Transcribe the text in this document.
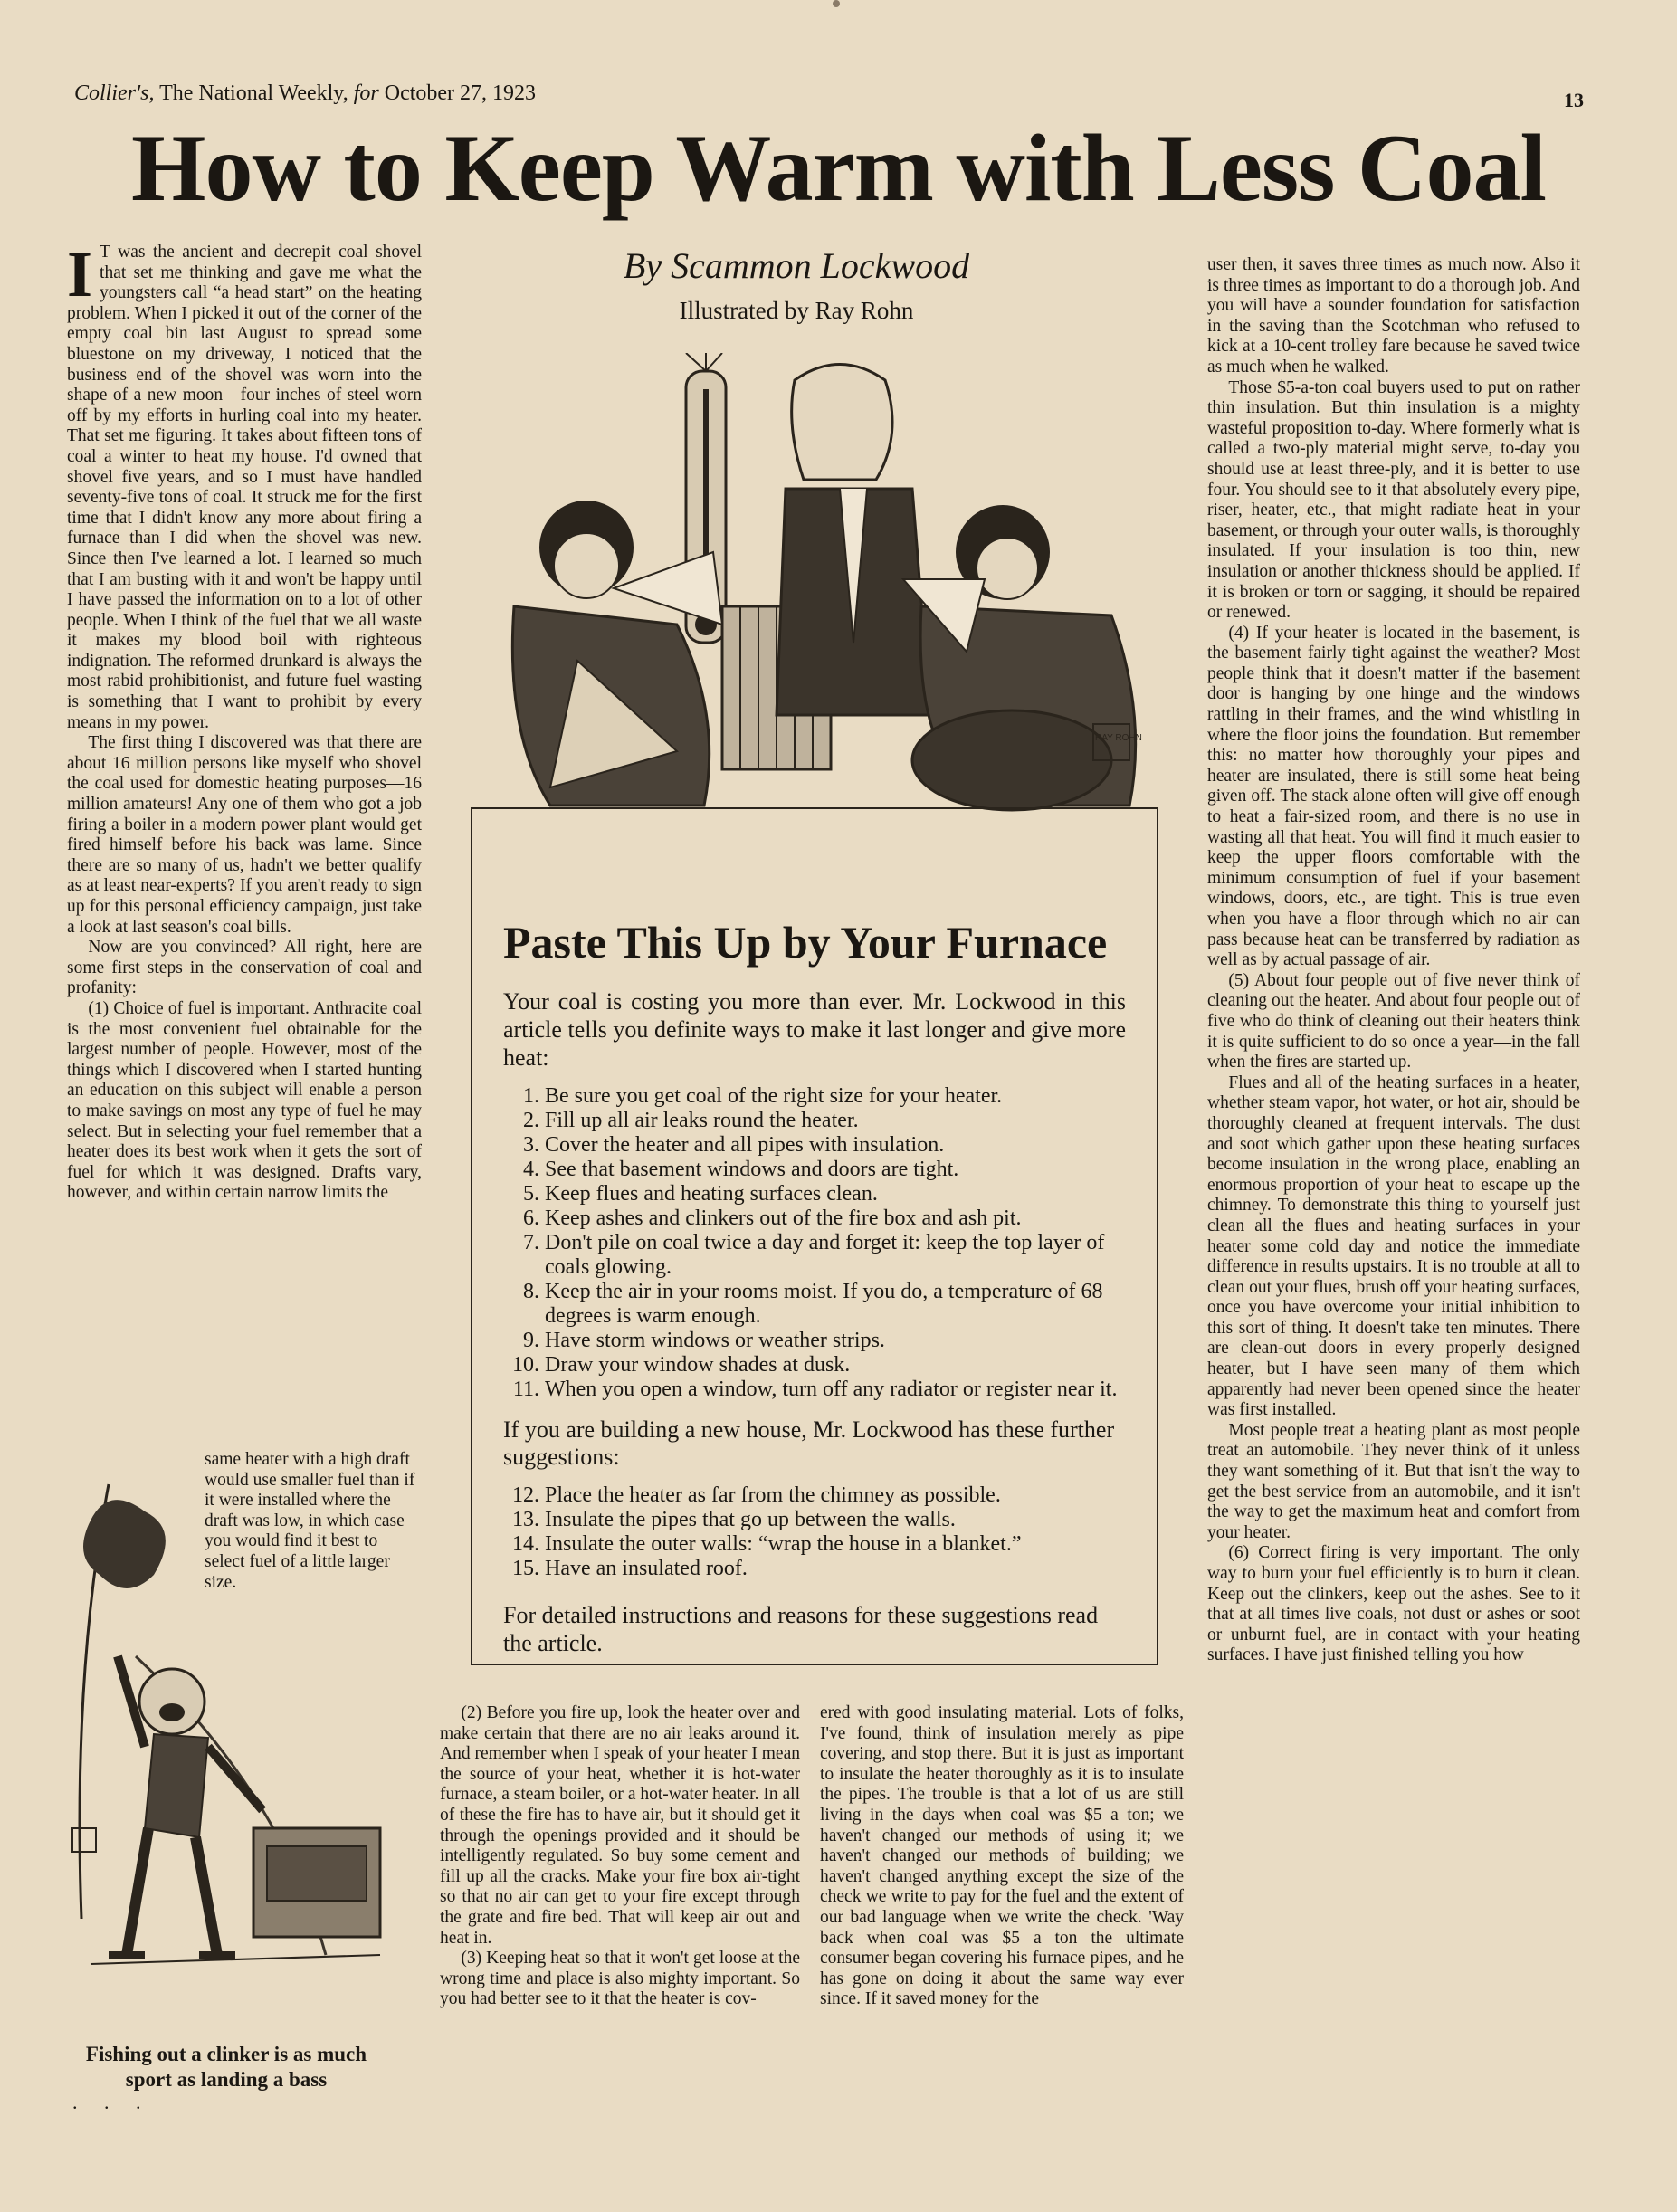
Collier's, The National Weekly, for October 27, 1923	13
How to Keep Warm with Less Coal

I T was the ancient and decrepit coal shovel that set me thinking and gave me what the youngsters call “a head start” on the heating problem. When I picked it out of the corner of the empty coal bin last August to spread some bluestone on my driveway, I noticed that the business end of the shovel was worn into the shape of a new moon—four inches of steel worn off by my efforts in hurling coal into my heater. That set me figuring. It takes about fifteen tons of coal a winter to heat my house. I'd owned that shovel five years, and so I must have handled seventy-five tons of coal. It struck me for the first time that I didn't know any more about firing a furnace than I did when the shovel was new. Since then I've learned a lot. I learned so much that I am busting with it and won't be happy until I have passed the information on to a lot of other people. When I think of the fuel that we all waste it makes my blood boil with righteous indignation. The reformed drunkard is always the most rabid prohibitionist, and future fuel wasting is something that I want to prohibit by every means in my power.

The first thing I discovered was that there are about 16 million persons like myself who shovel the coal used for domestic heating purposes—16 million amateurs! Any one of them who got a job firing a boiler in a modern power plant would get fired himself before his back was lame. Since there are so many of us, hadn't we better qualify as at least near-experts? If you aren't ready to sign up for this personal efficiency campaign, just take a look at last season's coal bills.

Now are you convinced? All right, here are some first steps in the conservation of coal and profanity:

(1) Choice of fuel is important. Anthracite coal is the most convenient fuel obtainable for the largest number of people. However, most of the things which I discovered when I started hunting an education on this subject will enable a person to make savings on most any type of fuel he may select. But in selecting your fuel remember that a heater does its best work when it gets the sort of fuel for which it was designed. Drafts vary, however, and within certain narrow limits the

same heater with a high draft would use smaller fuel than if it were installed where the draft was low, in which case you would find it best to select fuel of a little larger size.

Fishing out a clinker is as much
sport as landing a bass
. . .
By Scammon Lockwood
Illustrated by Ray Rohn
RAY ROHN
Paste This Up by Your Furnace
Your coal is costing you more than ever. Mr. Lockwood in this article tells you definite ways to make it last longer and give more heat:
1. Be sure you get coal of the right size for your heater.
2. Fill up all air leaks round the heater.
3. Cover the heater and all pipes with insulation.
4. See that basement windows and doors are tight.
5. Keep flues and heating surfaces clean.
6. Keep ashes and clinkers out of the fire box and ash pit.
7. Don't pile on coal twice a day and forget it: keep the top layer of coals glowing.
8. Keep the air in your rooms moist. If you do, a temperature of 68 degrees is warm enough.
9. Have storm windows or weather strips.
10. Draw your window shades at dusk.
11. When you open a window, turn off any radiator or register near it.
If you are building a new house, Mr. Lockwood has these further suggestions:
12. Place the heater as far from the chimney as possible.
13. Insulate the pipes that go up between the walls.
14. Insulate the outer walls: “wrap the house in a blanket.”
15. Have an insulated roof.
For detailed instructions and reasons for these suggestions read the article.

(2) Before you fire up, look the heater over and make certain that there are no air leaks around it. And remember when I speak of your heater I mean the source of your heat, whether it is hot-water furnace, a steam boiler, or a hot-water heater. In all of these the fire has to have air, but it should get it through the openings provided and it should be intelligently regulated. So buy some cement and fill up all the cracks. Make your fire box air-tight so that no air can get to your fire except through the grate and fire bed. That will keep air out and heat in.

(3) Keeping heat so that it won't get loose at the wrong time and place is also mighty important. So you had better see to it that the heater is cov-

ered with good insulating material. Lots of folks, I've found, think of insulation merely as pipe covering, and stop there. But it is just as important to insulate the heater thoroughly as it is to insulate the pipes. The trouble is that a lot of us are still living in the days when coal was $5 a ton; we haven't changed our methods of using it; we haven't changed our methods of building; we haven't changed anything except the size of the check we write to pay for the fuel and the extent of our bad language when we write the check. 'Way back when coal was $5 a ton the ultimate consumer began covering his furnace pipes, and he has gone on doing it about the same way ever since. If it saved money for the

user then, it saves three times as much now. Also it is three times as important to do a thorough job. And you will have a sounder foundation for satisfaction in the saving than the Scotchman who refused to kick at a 10-cent trolley fare because he saved twice as much when he walked.

Those $5-a-ton coal buyers used to put on rather thin insulation. But thin insulation is a mighty wasteful proposition to-day. Where formerly what is called a two-ply material might serve, to-day you should use at least three-ply, and it is better to use four. You should see to it that absolutely every pipe, riser, heater, etc., that might radiate heat in your basement, or through your outer walls, is thoroughly insulated. If your insulation is too thin, new insulation or another thickness should be applied. If it is broken or torn or sagging, it should be repaired or renewed.

(4) If your heater is located in the basement, is the basement fairly tight against the weather? Most people think that it doesn't matter if the basement door is hanging by one hinge and the windows rattling in their frames, and the wind whistling in where the floor joins the foundation. But remember this: no matter how thoroughly your pipes and heater are insulated, there is still some heat being given off. The stack alone often will give off enough to heat a fair-sized room, and there is no use in wasting all that heat. You will find it much easier to keep the upper floors comfortable with the minimum consumption of fuel if your basement windows, doors, etc., are tight. This is true even when you have a floor through which no air can pass because heat can be transferred by radiation as well as by actual passage of air.

(5) About four people out of five never think of cleaning out the heater. And about four people out of five who do think of cleaning out their heaters think it is quite sufficient to do so once a year—in the fall when the fires are started up.

Flues and all of the heating surfaces in a heater, whether steam vapor, hot water, or hot air, should be thoroughly cleaned at frequent intervals. The dust and soot which gather upon these heating surfaces become insulation in the wrong place, enabling an enormous proportion of your heat to escape up the chimney. To demonstrate this thing to yourself just clean all the flues and heating surfaces in your heater some cold day and notice the immediate difference in results upstairs. It is no trouble at all to clean out your flues, brush off your heating surfaces, once you have overcome your initial inhibition to this sort of thing. It doesn't take ten minutes. There are clean-out doors in every properly designed heater, but I have seen many of them which apparently had never been opened since the heater was first installed.

Most people treat a heating plant as most people treat an automobile. They never think of it unless they want something of it. But that isn't the way to get the best service from an automobile, and it isn't the way to get the maximum heat and comfort from your heater.

(6) Correct firing is very important. The only way to burn your fuel efficiently is to burn it clean. Keep out the clinkers, keep out the ashes. See to it that at all times live coals, not dust or ashes or soot or unburnt fuel, are in contact with your heating surfaces. I have just finished telling you how
